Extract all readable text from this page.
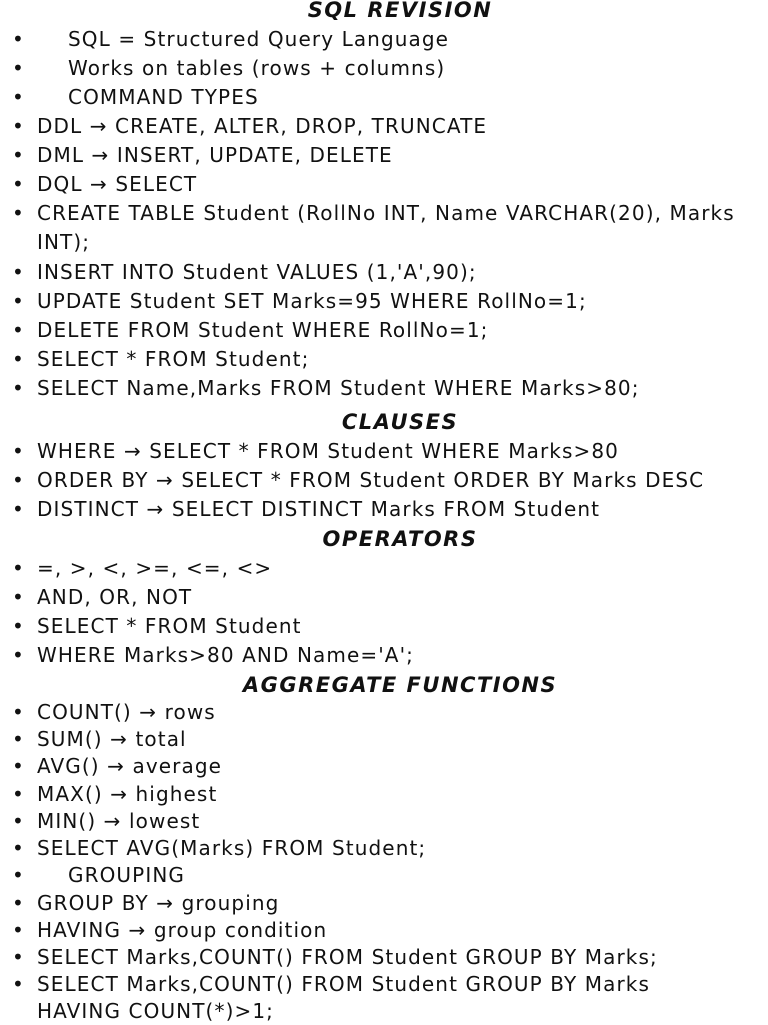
SQL REVISION
• SQL = Structured Query Language
• Works on tables (rows + columns)
• COMMAND TYPES
• DDL → CREATE, ALTER, DROP, TRUNCATE
• DML → INSERT, UPDATE, DELETE
• DQL → SELECT
• CREATE TABLE Student (RollNo INT, Name VARCHAR(20), Marks INT);
• INSERT INTO Student VALUES (1,'A',90);
• UPDATE Student SET Marks=95 WHERE RollNo=1;
• DELETE FROM Student WHERE RollNo=1;
• SELECT * FROM Student;
• SELECT Name,Marks FROM Student WHERE Marks>80;
CLAUSES
• WHERE → SELECT * FROM Student WHERE Marks>80
• ORDER BY → SELECT * FROM Student ORDER BY Marks DESC
• DISTINCT → SELECT DISTINCT Marks FROM Student
OPERATORS
• =, >, <, >=, <=, <>
• AND, OR, NOT
• SELECT * FROM Student
• WHERE Marks>80 AND Name='A';
AGGREGATE FUNCTIONS
• COUNT() → rows
• SUM() → total
• AVG() → average
• MAX() → highest
• MIN() → lowest
• SELECT AVG(Marks) FROM Student;
• GROUPING
• GROUP BY → grouping
• HAVING → group condition
• SELECT Marks,COUNT() FROM Student GROUP BY Marks;
• SELECT Marks,COUNT() FROM Student GROUP BY Marks HAVING COUNT(*)>1;
